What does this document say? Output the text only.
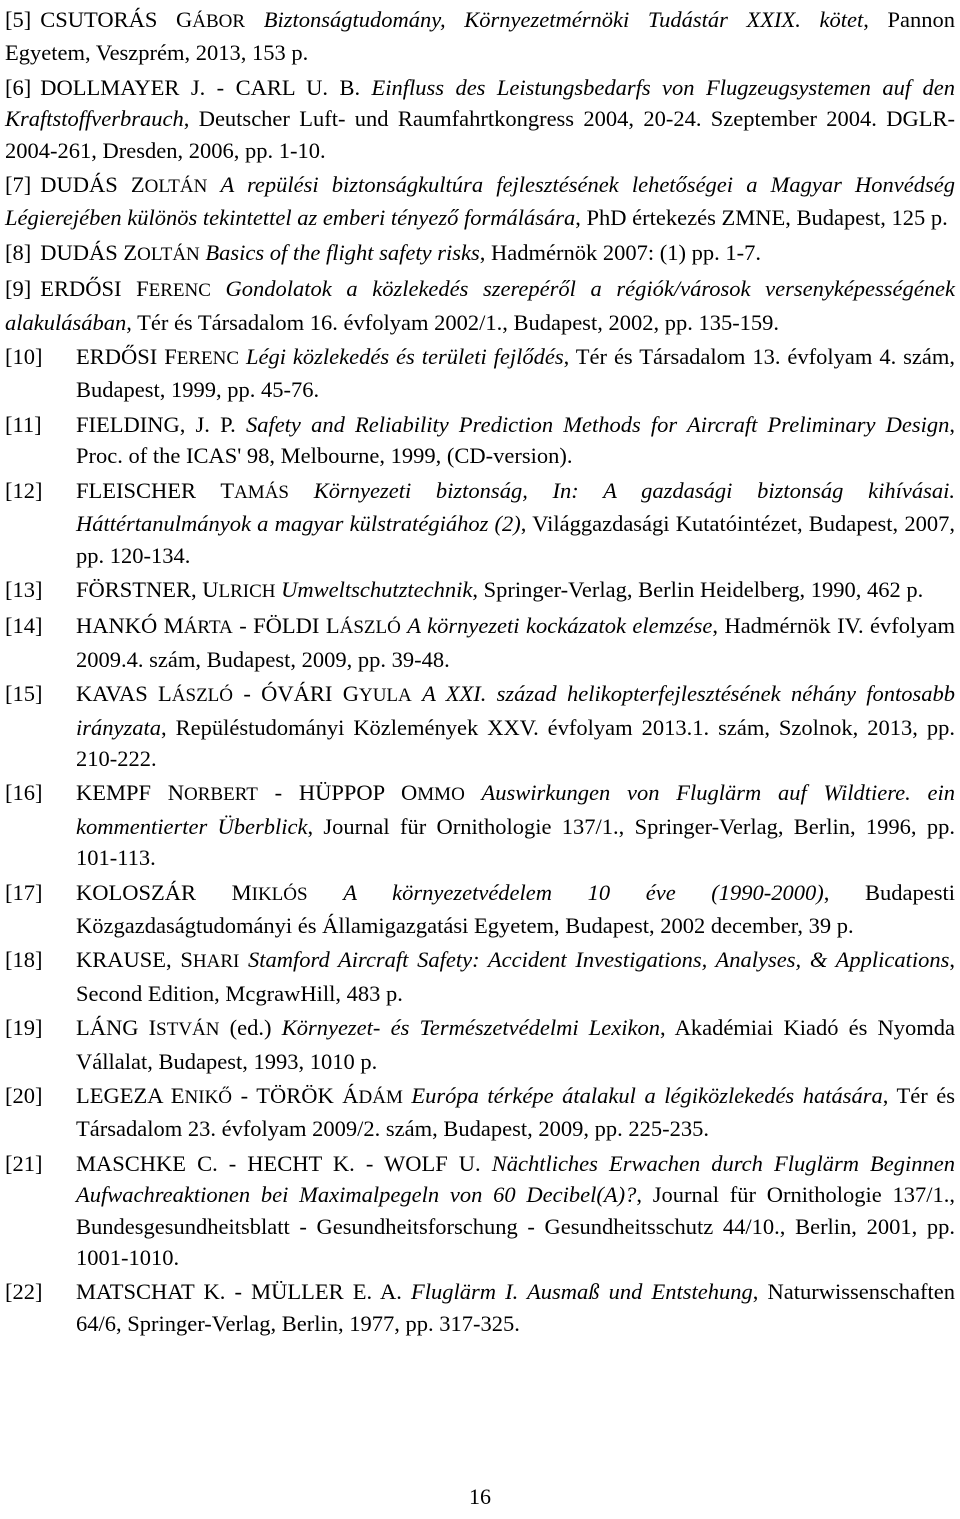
[5] CSUTORÁS GÁBOR Biztonságtudomány, Környezetmérnöki Tudástár XXIX. kötet, Pannon Egyetem, Veszprém, 2013, 153 p.

[6] DOLLMAYER J. - CARL U. B. Einfluss des Leistungsbedarfs von Flugzeugsystemen auf den Kraftstoffverbrauch, Deutscher Luft- und Raumfahrtkongress 2004, 20-24. Szeptember 2004. DGLR-2004-261, Dresden, 2006, pp. 1-10.

[7] DUDÁS ZOLTÁN A repülési biztonságkultúra fejlesztésének lehetőségei a Magyar Honvédség Légierejében különös tekintettel az emberi tényező formálására, PhD értekezés ZMNE, Budapest, 125 p.

[8] DUDÁS ZOLTÁN Basics of the flight safety risks, Hadmérnök 2007: (1) pp. 1-7.

[9] ERDŐSI FERENC Gondolatok a közlekedés szerepéről a régiók/városok versenyképességének alakulásában, Tér és Társadalom 16. évfolyam 2002/1., Budapest, 2002, pp. 135-159.

[10] ERDŐSI FERENC Légi közlekedés és területi fejlődés, Tér és Társadalom 13. évfolyam 4. szám, Budapest, 1999, pp. 45-76.

[11] FIELDING, J. P. Safety and Reliability Prediction Methods for Aircraft Preliminary Design, Proc. of the ICAS' 98, Melbourne, 1999, (CD-version).

[12] FLEISCHER TAMÁS Környezeti biztonság, In: A gazdasági biztonság kihívásai. Háttértanulmányok a magyar külstratégiához (2), Világgazdasági Kutatóintézet, Budapest, 2007, pp. 120-134.

[13] FÖRSTNER, ULRICH Umweltschutztechnik, Springer-Verlag, Berlin Heidelberg, 1990, 462 p.

[14] HANKÓ MÁRTA - FÖLDI LÁSZLÓ A környezeti kockázatok elemzése, Hadmérnök IV. évfolyam 2009.4. szám, Budapest, 2009, pp. 39-48.

[15] KAVAS LÁSZLÓ - ÓVÁRI GYULA A XXI. század helikopterfejlesztésének néhány fontosabb irányzata, Repüléstudományi Közlemények XXV. évfolyam 2013.1. szám, Szolnok, 2013, pp. 210-222.

[16] KEMPF NORBERT - HÜPPOP OMMO Auswirkungen von Fluglärm auf Wildtiere. ein kommentierter Überblick, Journal für Ornithologie 137/1., Springer-Verlag, Berlin, 1996, pp. 101-113.

[17] KOLOSZÁR MIKLÓS A környezetvédelem 10 éve (1990-2000), Budapesti Közgazdaságtudományi és Államigazgatási Egyetem, Budapest, 2002 december, 39 p.

[18] KRAUSE, SHARI Stamford Aircraft Safety: Accident Investigations, Analyses, & Applications, Second Edition, McgrawHill, 483 p.

[19] LÁNG ISTVÁN (ed.) Környezet- és Természetvédelmi Lexikon, Akadémiai Kiadó és Nyomda Vállalat, Budapest, 1993, 1010 p.

[20] LEGEZA ENIKŐ - TÖRÖK ÁDÁM Európa térképe átalakul a légiközlekedés hatására, Tér és Társadalom 23. évfolyam 2009/2. szám, Budapest, 2009, pp. 225-235.

[21] MASCHKE C. - HECHT K. - WOLF U. Nächtliches Erwachen durch Fluglärm Beginnen Aufwachreaktionen bei Maximalpegeln von 60 Decibel(A)?, Journal für Ornithologie 137/1., Bundesgesundheitsblatt - Gesundheitsforschung - Gesundheitsschutz 44/10., Berlin, 2001, pp. 1001-1010.

[22] MATSCHAT K. - MÜLLER E. A. Fluglärm I. Ausmaß und Entstehung, Naturwissenschaften 64/6, Springer-Verlag, Berlin, 1977, pp. 317-325.

16
